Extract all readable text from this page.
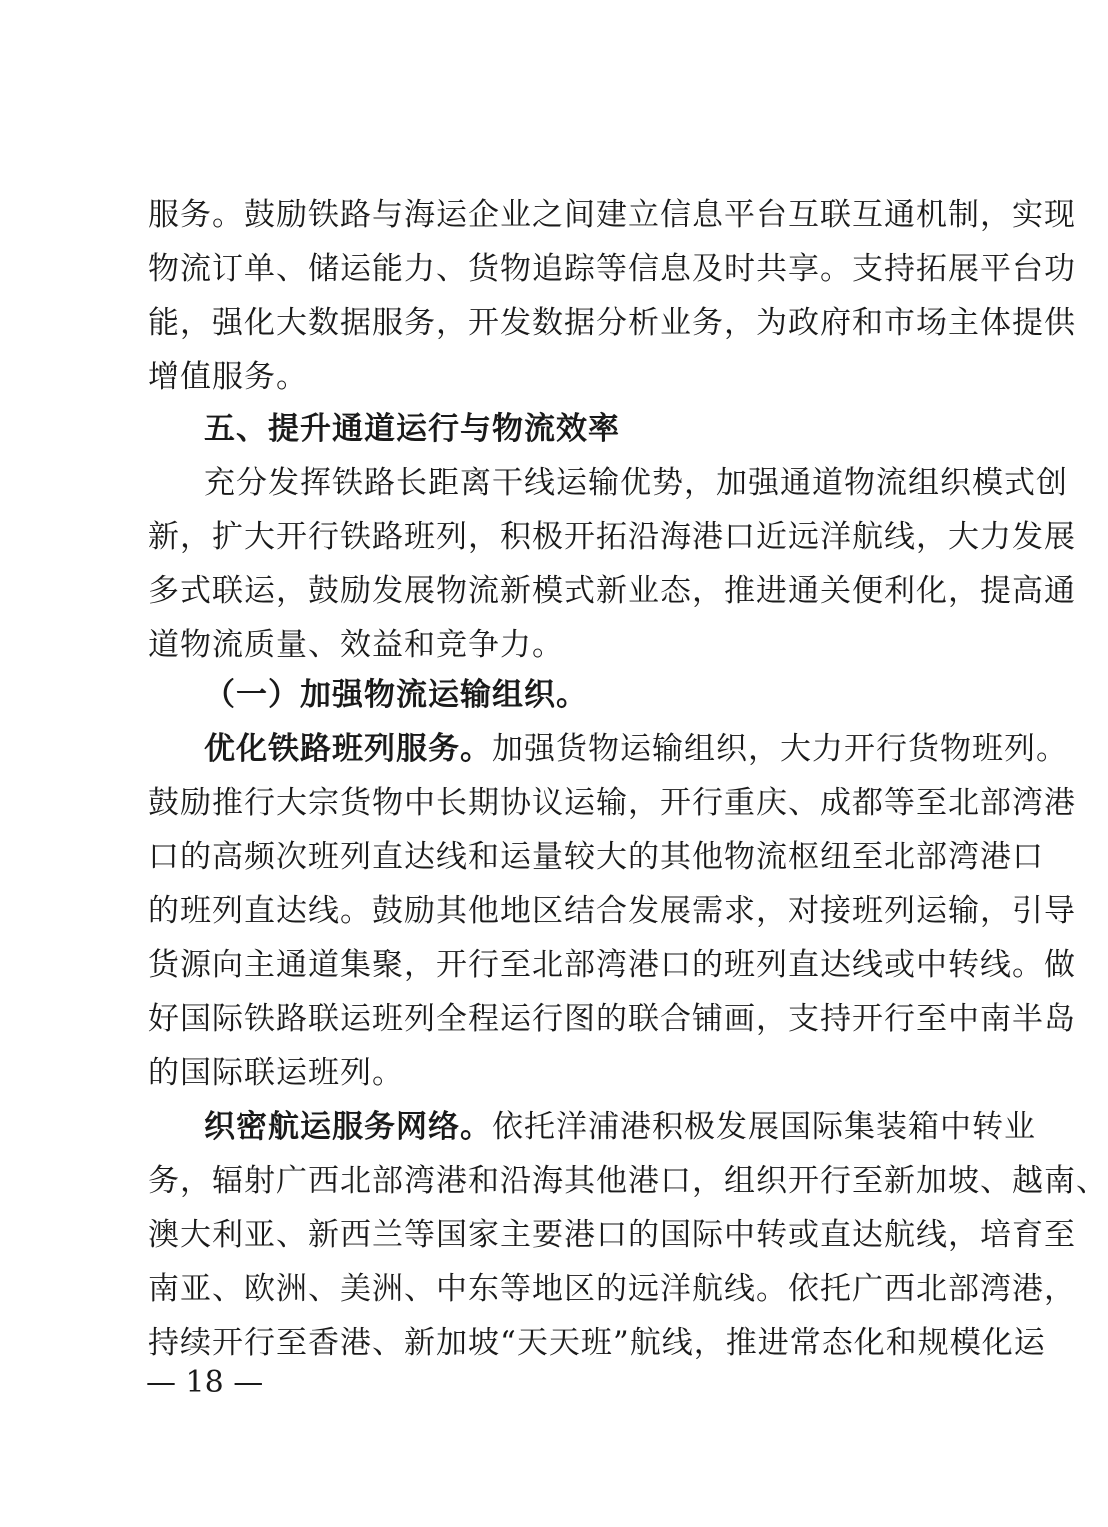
服务。鼓励铁路与海运企业之间建立信息平台互联互通机制，实现
物流订单、储运能力、货物追踪等信息及时共享。支持拓展平台功
能，强化大数据服务，开发数据分析业务，为政府和市场主体提供
增值服务。
五、提升通道运行与物流效率
充分发挥铁路长距离干线运输优势，加强通道物流组织模式创
新，扩大开行铁路班列，积极开拓沿海港口近远洋航线，大力发展
多式联运，鼓励发展物流新模式新业态，推进通关便利化，提高通
道物流质量、效益和竞争力。
（一）加强物流运输组织。
优化铁路班列服务。加强货物运输组织，大力开行货物班列。
鼓励推行大宗货物中长期协议运输，开行重庆、成都等至北部湾港
口的高频次班列直达线和运量较大的其他物流枢纽至北部湾港口
的班列直达线。鼓励其他地区结合发展需求，对接班列运输，引导
货源向主通道集聚，开行至北部湾港口的班列直达线或中转线。做
好国际铁路联运班列全程运行图的联合铺画，支持开行至中南半岛
的国际联运班列。
织密航运服务网络。依托洋浦港积极发展国际集装箱中转业
务，辐射广西北部湾港和沿海其他港口，组织开行至新加坡、越南、
澳大利亚、新西兰等国家主要港口的国际中转或直达航线，培育至
南亚、欧洲、美洲、中东等地区的远洋航线。依托广西北部湾港，
持续开行至香港、新加坡“天天班”航线，推进常态化和规模化运
— 18 —
